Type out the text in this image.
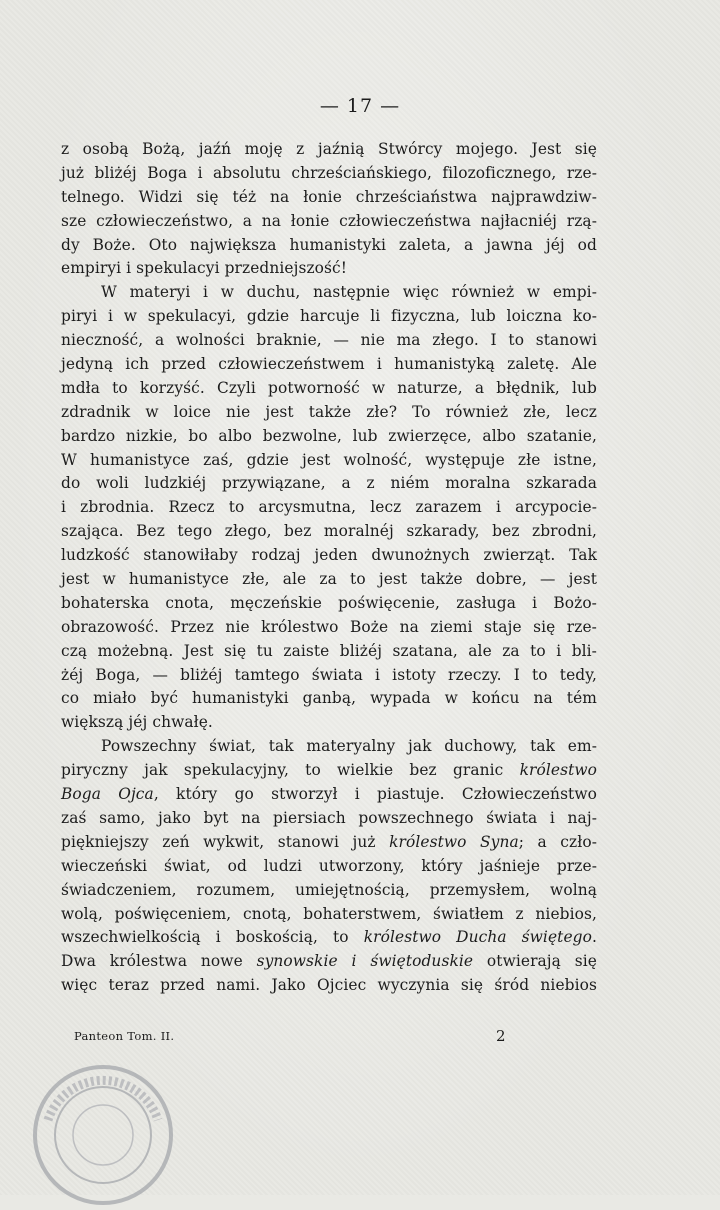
— 17 —
z osobą Bożą, jaźń moję z jaźnią Stwórcy mojego. Jest się
już bliżéj Boga i absolutu chrześciańskiego, filozoficznego, rze-
telnego. Widzi się téż na łonie chrześciaństwa najprawdziw-
sze człowieczeństwo, a na łonie człowieczeństwa najłacniéj rzą-
dy Boże. Oto największa humanistyki zaleta, a jawna jéj od
empiryi i spekulacyi przedniejszość!
W materyi i w duchu, następnie więc również w empi-
piryi i w spekulacyi, gdzie harcuje li fizyczna, lub loiczna ko-
nieczność, a wolności braknie, — nie ma złego. I to stanowi
jedyną ich przed człowieczeństwem i humanistyką zaletę. Ale
mdła to korzyść. Czyli potworność w naturze, a błędnik, lub
zdradnik w loice nie jest także złe? To również złe, lecz
bardzo nizkie, bo albo bezwolne, lub zwierzęce, albo szatanie,
W humanistyce zaś, gdzie jest wolność, występuje złe istne,
do woli ludzkiéj przywiązane, a z niém moralna szkarada
i zbrodnia. Rzecz to arcysmutna, lecz zarazem i arcypocie-
szająca. Bez tego złego, bez moralnéj szkarady, bez zbrodni,
ludzkość stanowiłaby rodzaj jeden dwunożnych zwierząt. Tak
jest w humanistyce złe, ale za to jest także dobre, — jest
bohaterska cnota, męczeńskie poświęcenie, zasługa i Bożo-
obrazowość. Przez nie królestwo Boże na ziemi staje się rze-
czą możebną. Jest się tu zaiste bliżéj szatana, ale za to i bli-
żéj Boga, — bliżéj tamtego świata i istoty rzeczy. I to tedy,
co miało być humanistyki ganbą, wypada w końcu na tém
większą jéj chwałę.
Powszechny świat, tak materyalny jak duchowy, tak em-
piryczny jak spekulacyjny, to wielkie bez granic królestwo
Boga Ojca, który go stworzył i piastuje. Człowieczeństwo
zaś samo, jako byt na piersiach powszechnego świata i naj-
piękniejszy zeń wykwit, stanowi już królestwo Syna; a czło-
wieczeński świat, od ludzi utworzony, który jaśnieje prze-
świadczeniem, rozumem, umiejętnością, przemysłem, wolną
wolą, poświęceniem, cnotą, bohaterstwem, światłem z niebios,
wszechwielkością i boskością, to królestwo Ducha świętego.
Dwa królestwa nowe synowskie i świętoduskie otwierają się
więc teraz przed nami. Jako Ojciec wyczynia się śród niebios
Panteon Tom. II.	2
